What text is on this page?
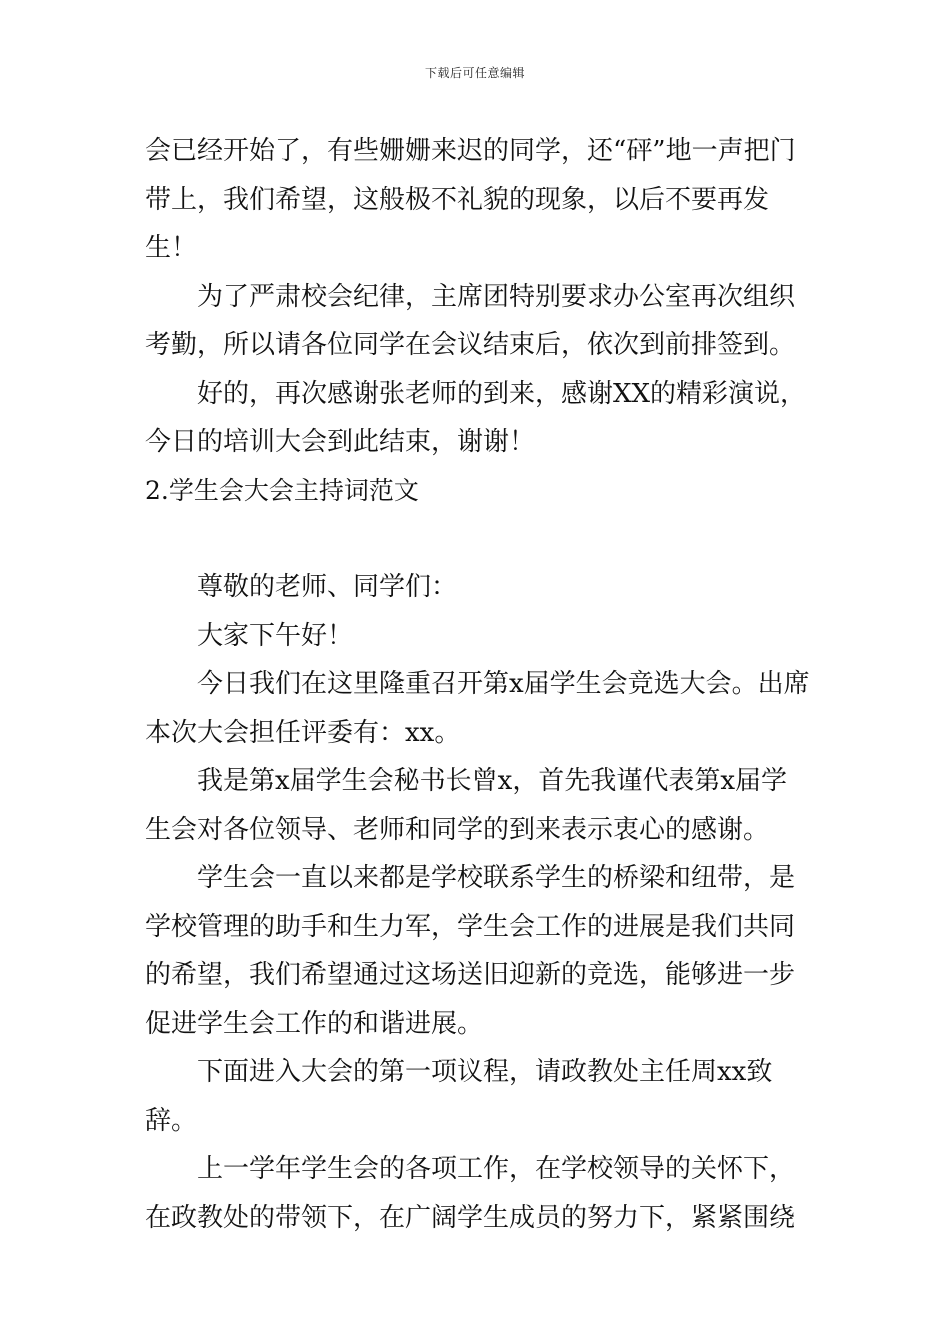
下载后可任意编辑

会已经开始了，有些姗姗来迟的同学，还“砰”地一声把门带上，我们希望，这般极不礼貌的现象，以后不要再发生！

为了严肃校会纪律，主席团特别要求办公室再次组织考勤，所以请各位同学在会议结束后，依次到前排签到。

好的，再次感谢张老师的到来，感谢XX的精彩演说，今日的培训大会到此结束，谢谢！

2.学生会大会主持词范文

尊敬的老师、同学们：

大家下午好！

今日我们在这里隆重召开第x届学生会竞选大会。出席本次大会担任评委有：xx。

我是第x届学生会秘书长曾x，首先我谨代表第x届学生会对各位领导、老师和同学的到来表示衷心的感谢。

学生会一直以来都是学校联系学生的桥梁和纽带，是学校管理的助手和生力军，学生会工作的进展是我们共同的希望，我们希望通过这场送旧迎新的竞选，能够进一步促进学生会工作的和谐进展。

下面进入大会的第一项议程，请政教处主任周xx致辞。

上一学年学生会的各项工作，在学校领导的关怀下，在政教处的带领下，在广阔学生成员的努力下，紧紧围绕
